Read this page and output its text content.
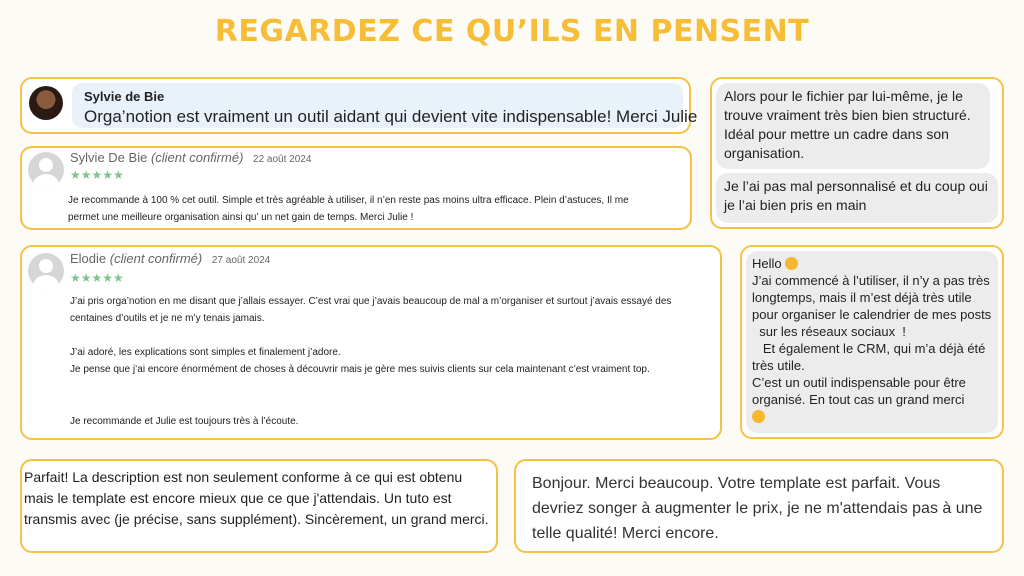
REGARDEZ CE QU’ILS EN PENSENT
Sylvie de Bie
Orga’notion est vraiment un outil aidant qui devient vite indispensable! Merci Julie
Sylvie De Bie (client confirmé) 22 août 2024
★★★★★
Je recommande à 100 % cet outil. Simple et très agréable à utiliser, il n’en reste pas moins ultra efficace. Plein d’astuces, Il me
permet une meilleure organisation ainsi qu’ un net gain de temps. Merci Julie !
Elodie (client confirmé) 27 août 2024
★★★★★
J’ai pris orga’notion en me disant que j’allais essayer. C’est vrai que j’avais beaucoup de mal a m’organiser et surtout j’avais essayé des centaines d’outils et je ne m’y tenais jamais.
J’ai adoré, les explications sont simples et finalement j’adore.
Je pense que j’ai encore énormément de choses à découvrir mais je gère mes suivis clients sur cela maintenant c’est vraiment top.
Je recommande et Julie est toujours très à l’écoute.
Alors pour le fichier par lui-même, je le trouve vraiment très bien bien structuré. Idéal pour mettre un cadre dans son organisation.
Je l’ai pas mal personnalisé et du coup oui je l’ai bien pris en main
Hello
J’ai commencé à l’utiliser, il n’y a pas très longtemps, mais il m’est déjà très utile pour organiser le calendrier de mes posts   sur les réseaux sociaux  !
Et également le CRM, qui m’a déjà été très utile.
C’est un outil indispensable pour être organisé. En tout cas un grand merci

Parfait! La description est non seulement conforme à ce qui est obtenu mais le template est encore mieux que ce que j'attendais. Un tuto est transmis avec (je précise, sans supplément). Sincèrement, un grand merci.
Bonjour. Merci beaucoup. Votre template est parfait. Vous devriez songer à augmenter le prix, je ne m'attendais pas à une telle qualité! Merci encore.
